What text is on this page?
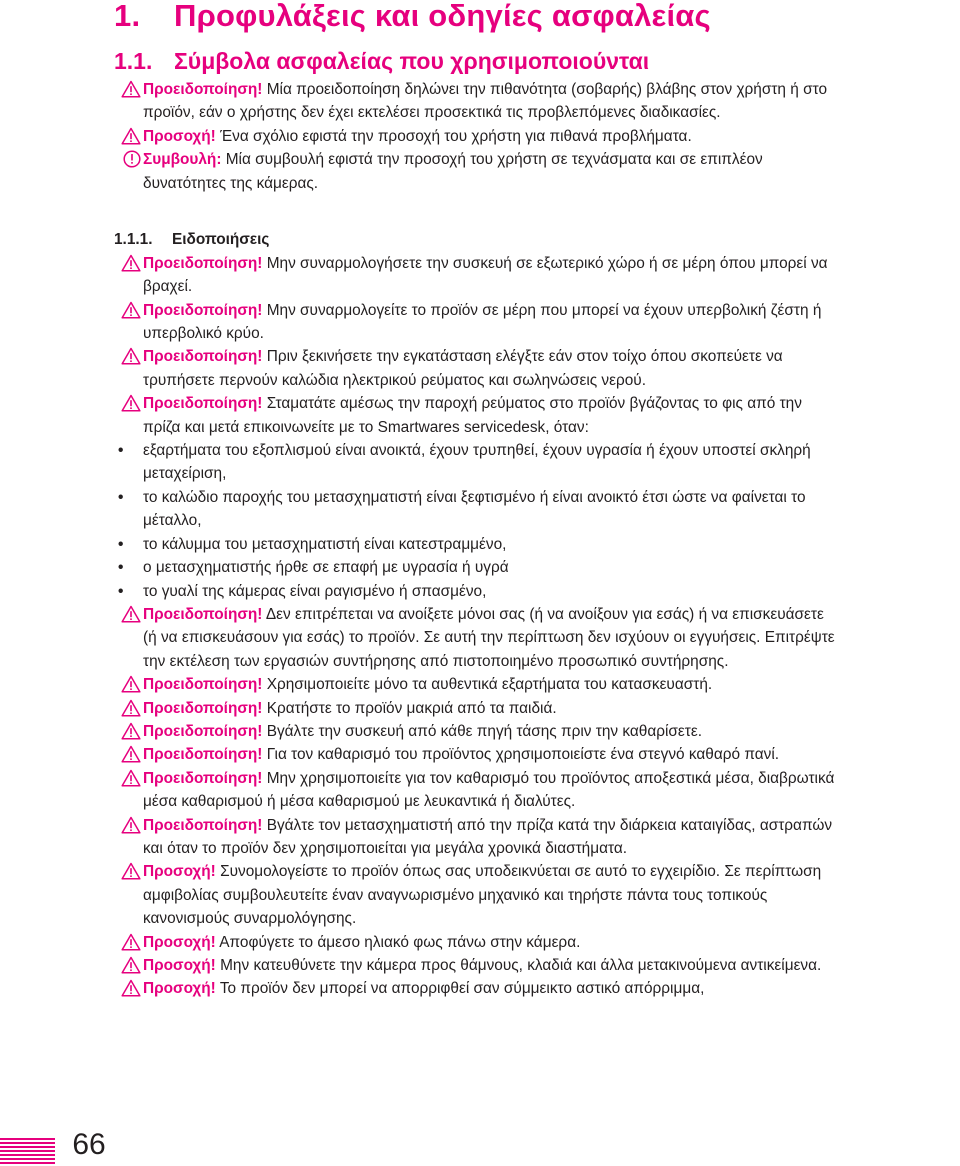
1. Προφυλάξεις και οδηγίες ασφαλείας
1.1. Σύμβολα ασφαλείας που χρησιμοποιούνται

Προειδοποίηση! Μία προειδοποίηση δηλώνει την πιθανότητα (σοβαρής) βλάβης στον χρήστη ή στο προϊόν, εάν ο χρήστης δεν έχει εκτελέσει προσεκτικά τις προβλεπόμενες διαδικασίες.

Προσοχή! Ένα σχόλιο εφιστά την προσοχή του χρήστη για πιθανά προβλήματα.

Συμβουλή: Μία συμβουλή εφιστά την προσοχή του χρήστη σε τεχνάσματα και σε επιπλέον δυνατότητες της κάμερας.

1.1.1. Ειδοποιήσεις

Προειδοποίηση! Μην συναρμολογήσετε την συσκευή σε εξωτερικό χώρο ή σε μέρη όπου μπορεί να βραχεί.

Προειδοποίηση! Μην συναρμολογείτε το προϊόν σε μέρη που μπορεί να έχουν υπερβολική ζέστη ή υπερβολικό κρύο.

Προειδοποίηση! Πριν ξεκινήσετε την εγκατάσταση ελέγξτε εάν στον τοίχο όπου σκοπεύετε να τρυπήσετε περνούν καλώδια ηλεκτρικού ρεύματος και σωληνώσεις νερού.

Προειδοποίηση! Σταματάτε αμέσως την παροχή ρεύματος στο προϊόν βγάζοντας το φις από την πρίζα και μετά επικοινωνείτε με το Smartwares servicedesk, όταν:

• εξαρτήματα του εξοπλισμού είναι ανοικτά, έχουν τρυπηθεί, έχουν υγρασία ή έχουν υποστεί σκληρή μεταχείριση,

• το καλώδιο παροχής του μετασχηματιστή είναι ξεφτισμένο ή είναι ανοικτό έτσι ώστε να φαίνεται το μέταλλο,

• το κάλυμμα του μετασχηματιστή είναι κατεστραμμένο,

• ο μετασχηματιστής ήρθε σε επαφή με υγρασία ή υγρά

• το γυαλί της κάμερας είναι ραγισμένο ή σπασμένο,

Προειδοποίηση! Δεν επιτρέπεται να ανοίξετε μόνοι σας (ή να ανοίξουν για εσάς) ή να επισκευάσετε (ή να επισκευάσουν για εσάς) το προϊόν. Σε αυτή την περίπτωση δεν ισχύουν οι εγγυήσεις. Επιτρέψτε την εκτέλεση των εργασιών συντήρησης από πιστοποιημένο προσωπικό συντήρησης.

Προειδοποίηση! Χρησιμοποιείτε μόνο τα αυθεντικά εξαρτήματα του κατασκευαστή.

Προειδοποίηση! Κρατήστε το προϊόν μακριά από τα παιδιά.

Προειδοποίηση! Βγάλτε την συσκευή από κάθε πηγή τάσης πριν την καθαρίσετε.

Προειδοποίηση! Για τον καθαρισμό του προϊόντος χρησιμοποιείστε ένα στεγνό καθαρό πανί.

Προειδοποίηση! Μην χρησιμοποιείτε για τον καθαρισμό του προϊόντος αποξεστικά μέσα, διαβρωτικά μέσα καθαρισμού ή μέσα καθαρισμού με λευκαντικά ή διαλύτες.

Προειδοποίηση! Βγάλτε τον μετασχηματιστή από την πρίζα κατά την διάρκεια καταιγίδας, αστραπών και όταν το προϊόν δεν χρησιμοποιείται για μεγάλα χρονικά διαστήματα.

Προσοχή! Συνομολογείστε το προϊόν όπως σας υποδεικνύεται σε αυτό το εγχειρίδιο. Σε περίπτωση αμφιβολίας συμβουλευτείτε έναν αναγνωρισμένο μηχανικό και τηρήστε πάντα τους τοπικούς κανονισμούς συναρμολόγησης.

Προσοχή! Αποφύγετε το άμεσο ηλιακό φως πάνω στην κάμερα.

Προσοχή! Μην κατευθύνετε την κάμερα προς θάμνους, κλαδιά και άλλα μετακινούμενα αντικείμενα.

Προσοχή! Το προϊόν δεν μπορεί να απορριφθεί σαν σύμμεικτο αστικό απόρριμμα,

66
